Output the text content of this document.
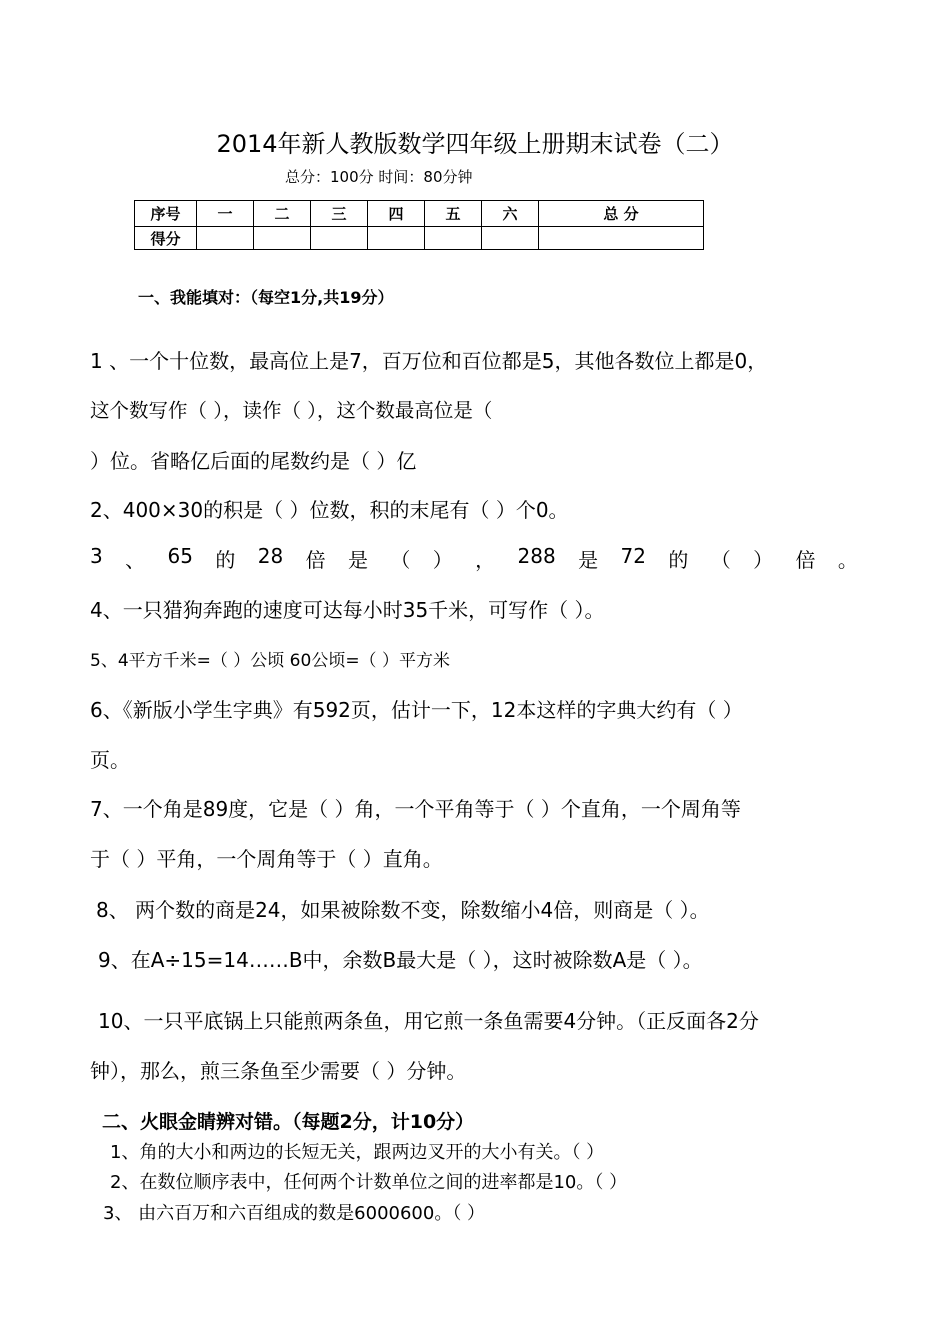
2014年新人教版数学四年级上册期末试卷（二）
总分：100分 时间：80分钟
序号	一	二	三	四	五	六	总 分
得分							
一、我能填对：（每空1分,共19分）
1 、一个十位数，最高位上是7，百万位和百位都是5，其他各数位上都是0，
这个数写作（ ），读作（ ），这个数最高位是（
）位。省略亿后面的尾数约是（ ）亿
2、400×30的积是（ ）位数，积的末尾有（ ）个0。
3 、 65 的 28 倍 是 （ ） ， 288 是 72 的 （ ） 倍 。
4、一只猎狗奔跑的速度可达每小时35千米，可写作（ ）。
5、4平方千米=（ ）公顷 60公顷=（ ）平方米
6、《新版小学生字典》有592页，估计一下，12本这样的字典大约有（ ）
页。
7、一个角是89度，它是（ ）角，一个平角等于（ ）个直角，一个周角等
于（ ）平角，一个周角等于（ ）直角。
8、 两个数的商是24，如果被除数不变，除数缩小4倍，则商是（ ）。
9、在A÷15=14……B中，余数B最大是（ ），这时被除数A是（ ）。
10、一只平底锅上只能煎两条鱼，用它煎一条鱼需要4分钟。（正反面各2分
钟），那么，煎三条鱼至少需要（ ）分钟。
二、火眼金睛辨对错。（每题2分，计10分）
1、角的大小和两边的长短无关，跟两边叉开的大小有关。（ ）
2、在数位顺序表中，任何两个计数单位之间的进率都是10。（ ）
3、 由六百万和六百组成的数是6000600。（ ）
